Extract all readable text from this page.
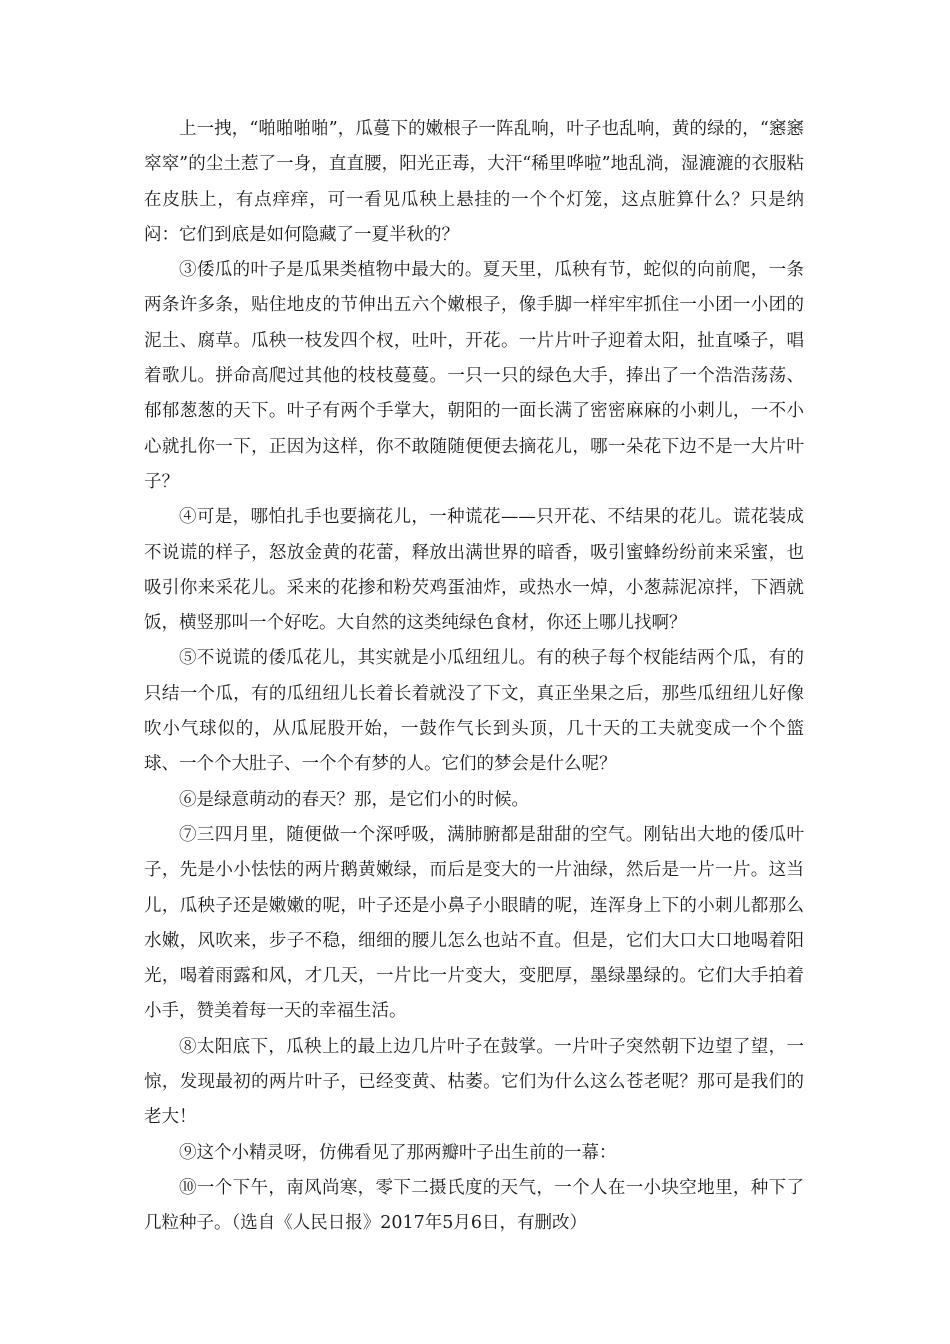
上一拽，“啪啪啪啪”，瓜蔓下的嫩根子一阵乱响，叶子也乱响，黄的绿的，“窸窸窣窣”的尘土惹了一身，直直腰，阳光正毒，大汗“稀里哗啦”地乱淌，湿漉漉的衣服粘在皮肤上，有点痒痒，可一看见瓜秧上悬挂的一个个灯笼，这点脏算什么？只是纳闷：它们到底是如何隐藏了一夏半秋的？

③倭瓜的叶子是瓜果类植物中最大的。夏天里，瓜秧有节，蛇似的向前爬，一条两条许多条，贴住地皮的节伸出五六个嫩根子，像手脚一样牢牢抓住一小团一小团的泥土、腐草。瓜秧一枝发四个杈，吐叶，开花。一片片叶子迎着太阳，扯直嗓子，唱着歌儿。拼命高爬过其他的枝枝蔓蔓。一只一只的绿色大手，捧出了一个浩浩荡荡、郁郁葱葱的天下。叶子有两个手掌大，朝阳的一面长满了密密麻麻的小刺儿，一不小心就扎你一下，正因为这样，你不敢随随便便去摘花儿，哪一朵花下边不是一大片叶子？

④可是，哪怕扎手也要摘花儿，一种谎花——只开花、不结果的花儿。谎花装成不说谎的样子，怒放金黄的花蕾，释放出满世界的暗香，吸引蜜蜂纷纷前来采蜜，也吸引你来采花儿。采来的花掺和粉芡鸡蛋油炸，或热水一焯，小葱蒜泥凉拌，下酒就饭，横竖那叫一个好吃。大自然的这类纯绿色食材，你还上哪儿找啊？

⑤不说谎的倭瓜花儿，其实就是小瓜纽纽儿。有的秧子每个杈能结两个瓜，有的只结一个瓜，有的瓜纽纽儿长着长着就没了下文，真正坐果之后，那些瓜纽纽儿好像吹小气球似的，从瓜屁股开始，一鼓作气长到头顶，几十天的工夫就变成一个个篮球、一个个大肚子、一个个有梦的人。它们的梦会是什么呢？

⑥是绿意萌动的春天？那，是它们小的时候。

⑦三四月里，随便做一个深呼吸，满肺腑都是甜甜的空气。刚钻出大地的倭瓜叶子，先是小小怯怯的两片鹅黄嫩绿，而后是变大的一片油绿，然后是一片一片。这当儿，瓜秧子还是嫩嫩的呢，叶子还是小鼻子小眼睛的呢，连浑身上下的小刺儿都那么水嫩，风吹来，步子不稳，细细的腰儿怎么也站不直。但是，它们大口大口地喝着阳光，喝着雨露和风，才几天，一片比一片变大，变肥厚，墨绿墨绿的。它们大手拍着小手，赞美着每一天的幸福生活。

⑧太阳底下，瓜秧上的最上边几片叶子在鼓掌。一片叶子突然朝下边望了望，一惊，发现最初的两片叶子，已经变黄、枯萎。它们为什么这么苍老呢？那可是我们的老大！

⑨这个小精灵呀，仿佛看见了那两瓣叶子出生前的一幕：

⑩一个下午，南风尚寒，零下二摄氏度的天气，一个人在一小块空地里，种下了几粒种子。（选自《人民日报》2017年5月6日，有删改）
